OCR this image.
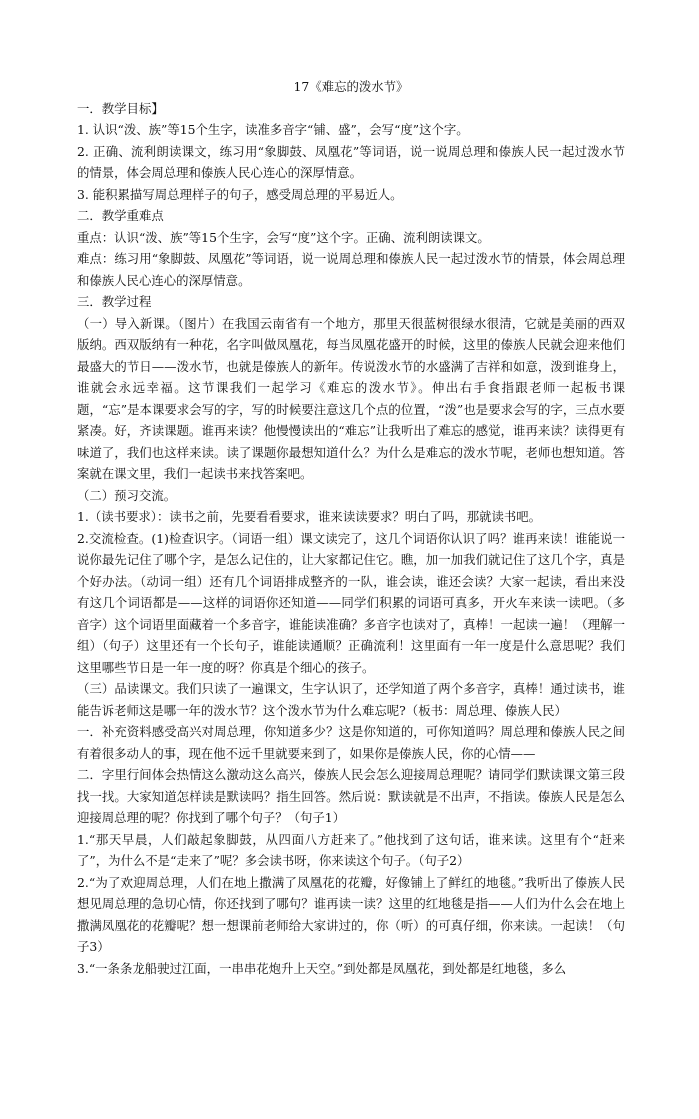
17《难忘的泼水节》

一．教学目标】

1. 认识“泼、族”等15个生字，读准多音字“铺、盛”，会写“度”这个字。

2. 正确、流利朗读课文，练习用“象脚鼓、凤凰花”等词语，说一说周总理和傣族人民一起过泼水节的情景，体会周总理和傣族人民心连心的深厚情意。

3. 能积累描写周总理样子的句子，感受周总理的平易近人。

二．教学重难点

重点：认识“泼、族”等15个生字，会写“度”这个字。正确、流利朗读课文。

难点：练习用“象脚鼓、凤凰花”等词语，说一说周总理和傣族人民一起过泼水节的情景，体会周总理和傣族人民心连心的深厚情意。

三．教学过程

（一）导入新课。（图片）在我国云南省有一个地方，那里天很蓝树很绿水很清，它就是美丽的西双版纳。西双版纳有一种花，名字叫做凤凰花，每当凤凰花盛开的时候，这里的傣族人民就会迎来他们最盛大的节日——泼水节，也就是傣族人的新年。传说泼水节的水盛满了吉祥和如意，泼到谁身上，谁就会永远幸福。这节课我们一起学习《难忘的泼水节》。伸出右手食指跟老师一起板书课题，“忘”是本课要求会写的字，写的时候要注意这几个点的位置，“泼”也是要求会写的字，三点水要紧凑。好，齐读课题。谁再来读？他慢慢读出的“难忘”让我听出了难忘的感觉，谁再来读？读得更有味道了，我们也这样来读。读了课题你最想知道什么？为什么是难忘的泼水节呢，老师也想知道。答案就在课文里，我们一起读书来找答案吧。

（二）预习交流。

1.（读书要求）：读书之前，先要看看要求，谁来读读要求？明白了吗，那就读书吧。

2.交流检查。(1)检查识字。（词语一组）课文读完了，这几个词语你认识了吗？谁再来读！谁能说一说你最先记住了哪个字，是怎么记住的，让大家都记住它。瞧，加一加我们就记住了这几个字，真是个好办法。（动词一组）还有几个词语排成整齐的一队，谁会读，谁还会读？大家一起读，看出来没有这几个词语都是——这样的词语你还知道——同学们积累的词语可真多，开火车来读一读吧。（多音字）这个词语里面藏着一个多音字，谁能读准确？多音字也读对了，真棒！一起读一遍！（理解一组）（句子）这里还有一个长句子，谁能读通顺？正确流利！这里面有一年一度是什么意思呢？我们这里哪些节日是一年一度的呀？你真是个细心的孩子。

（三）品读课文。我们只读了一遍课文，生字认识了，还学知道了两个多音字，真棒！通过读书，谁能告诉老师这是哪一年的泼水节？这个泼水节为什么难忘呢?（板书：周总理、傣族人民）

一．补充资料感受高兴对周总理，你知道多少？这是你知道的，可你知道吗？周总理和傣族人民之间有着很多动人的事，现在他不远千里就要来到了，如果你是傣族人民，你的心情——

二．字里行间体会热情这么激动这么高兴，傣族人民会怎么迎接周总理呢？请同学们默读课文第三段找一找。大家知道怎样读是默读吗？指生回答。然后说：默读就是不出声，不指读。傣族人民是怎么迎接周总理的呢？你找到了哪个句子？（句子1）

1.“那天早晨，人们敲起象脚鼓，从四面八方赶来了。”他找到了这句话，谁来读。这里有个“赶来了”，为什么不是“走来了”呢？多会读书呀，你来读这个句子。（句子2）

2.“为了欢迎周总理，人们在地上撒满了凤凰花的花瓣，好像铺上了鲜红的地毯。”我听出了傣族人民想见周总理的急切心情，你还找到了哪句？谁再读一读？这里的红地毯是指——人们为什么会在地上撒满凤凰花的花瓣呢？想一想课前老师给大家讲过的，你（听）的可真仔细，你来读。一起读！（句子3）

3.“一条条龙船驶过江面，一串串花炮升上天空。”到处都是凤凰花，到处都是红地毯，多么
